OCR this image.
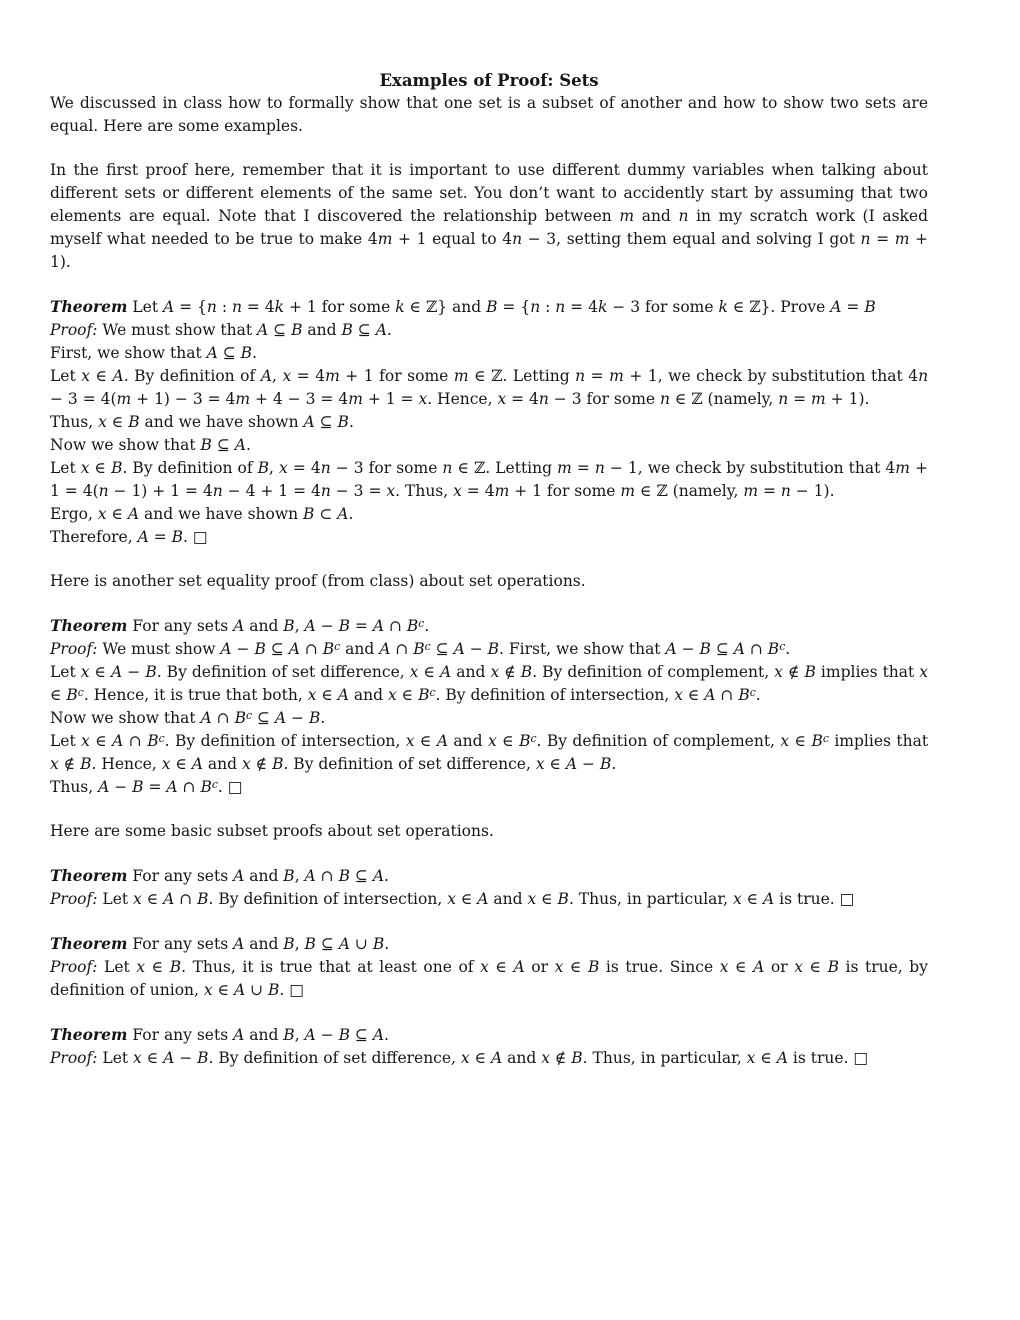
Examples of Proof: Sets

We discussed in class how to formally show that one set is a subset of another and how to show two sets are equal. Here are some examples.

In the first proof here, remember that it is important to use different dummy variables when talking about different sets or different elements of the same set. You don’t want to accidently start by assuming that two elements are equal. Note that I discovered the relationship between m and n in my scratch work (I asked myself what needed to be true to make 4m + 1 equal to 4n − 3, setting them equal and solving I got n = m + 1).

Theorem Let A = {n : n = 4k + 1 for some k ∈ ℤ} and B = {n : n = 4k − 3 for some k ∈ ℤ}. Prove A = B

Proof: We must show that A ⊆ B and B ⊆ A.

First, we show that A ⊆ B.

Let x ∈ A. By definition of A, x = 4m + 1 for some m ∈ ℤ. Letting n = m + 1, we check by substitution that 4n − 3 = 4(m + 1) − 3 = 4m + 4 − 3 = 4m + 1 = x. Hence, x = 4n − 3 for some n ∈ ℤ (namely, n = m + 1).

Thus, x ∈ B and we have shown A ⊆ B.

Now we show that B ⊆ A.

Let x ∈ B. By definition of B, x = 4n − 3 for some n ∈ ℤ. Letting m = n − 1, we check by substitution that 4m + 1 = 4(n − 1) + 1 = 4n − 4 + 1 = 4n − 3 = x. Thus, x = 4m + 1 for some m ∈ ℤ (namely, m = n − 1).

Ergo, x ∈ A and we have shown B ⊂ A.

Therefore, A = B. □

Here is another set equality proof (from class) about set operations.

Theorem For any sets A and B, A − B = A ∩ $B^c$.

Proof: We must show A − B ⊆ A ∩ $B^c$ and A ∩ $B^c$ ⊆ A − B. First, we show that A − B ⊆ A ∩ $B^c$.

Let x ∈ A − B. By definition of set difference, x ∈ A and x ∉ B. By definition of complement, x ∉ B implies that x ∈ $B^c$. Hence, it is true that both, x ∈ A and x ∈ $B^c$. By definition of intersection, x ∈ A ∩ $B^c$.

Now we show that A ∩ $B^c$ ⊆ A − B.

Let x ∈ A ∩ $B^c$. By definition of intersection, x ∈ A and x ∈ $B^c$. By definition of complement, x ∈ $B^c$ implies that x ∉ B. Hence, x ∈ A and x ∉ B. By definition of set difference, x ∈ A − B.

Thus, A − B = A ∩ $B^c$. □

Here are some basic subset proofs about set operations.

Theorem For any sets A and B, A ∩ B ⊆ A.

Proof: Let x ∈ A ∩ B. By definition of intersection, x ∈ A and x ∈ B. Thus, in particular, x ∈ A is true. □

Theorem For any sets A and B, B ⊆ A ∪ B.

Proof: Let x ∈ B. Thus, it is true that at least one of x ∈ A or x ∈ B is true. Since x ∈ A or x ∈ B is true, by definition of union, x ∈ A ∪ B. □

Theorem For any sets A and B, A − B ⊆ A.

Proof: Let x ∈ A − B. By definition of set difference, x ∈ A and x ∉ B. Thus, in particular, x ∈ A is true. □
